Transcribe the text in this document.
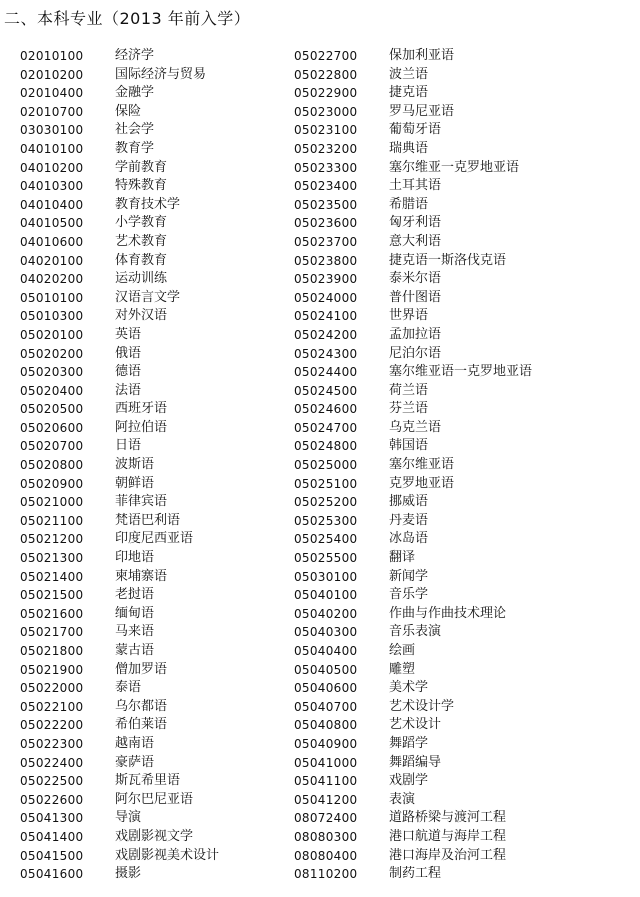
二、本科专业（2013 年前入学）
02010100	经济学
02010200	国际经济与贸易
02010400	金融学
02010700	保险
03030100	社会学
04010100	教育学
04010200	学前教育
04010300	特殊教育
04010400	教育技术学
04010500	小学教育
04010600	艺术教育
04020100	体育教育
04020200	运动训练
05010100	汉语言文学
05010300	对外汉语
05020100	英语
05020200	俄语
05020300	德语
05020400	法语
05020500	西班牙语
05020600	阿拉伯语
05020700	日语
05020800	波斯语
05020900	朝鲜语
05021000	菲律宾语
05021100	梵语巴利语
05021200	印度尼西亚语
05021300	印地语
05021400	柬埔寨语
05021500	老挝语
05021600	缅甸语
05021700	马来语
05021800	蒙古语
05021900	僧加罗语
05022000	泰语
05022100	乌尔都语
05022200	希伯莱语
05022300	越南语
05022400	豪萨语
05022500	斯瓦希里语
05022600	阿尔巴尼亚语
05041300	导演
05041400	戏剧影视文学
05041500	戏剧影视美术设计
05041600	摄影
05022700	保加利亚语
05022800	波兰语
05022900	捷克语
05023000	罗马尼亚语
05023100	葡萄牙语
05023200	瑞典语
05023300	塞尔维亚一克罗地亚语
05023400	土耳其语
05023500	希腊语
05023600	匈牙利语
05023700	意大利语
05023800	捷克语一斯洛伐克语
05023900	泰米尔语
05024000	普什图语
05024100	世界语
05024200	孟加拉语
05024300	尼泊尔语
05024400	塞尔维亚语一克罗地亚语
05024500	荷兰语
05024600	芬兰语
05024700	乌克兰语
05024800	韩国语
05025000	塞尔维亚语
05025100	克罗地亚语
05025200	挪威语
05025300	丹麦语
05025400	冰岛语
05025500	翻译
05030100	新闻学
05040100	音乐学
05040200	作曲与作曲技术理论
05040300	音乐表演
05040400	绘画
05040500	雕塑
05040600	美术学
05040700	艺术设计学
05040800	艺术设计
05040900	舞蹈学
05041000	舞蹈编导
05041100	戏剧学
05041200	表演
08072400	道路桥梁与渡河工程
08080300	港口航道与海岸工程
08080400	港口海岸及治河工程
08110200	制药工程
